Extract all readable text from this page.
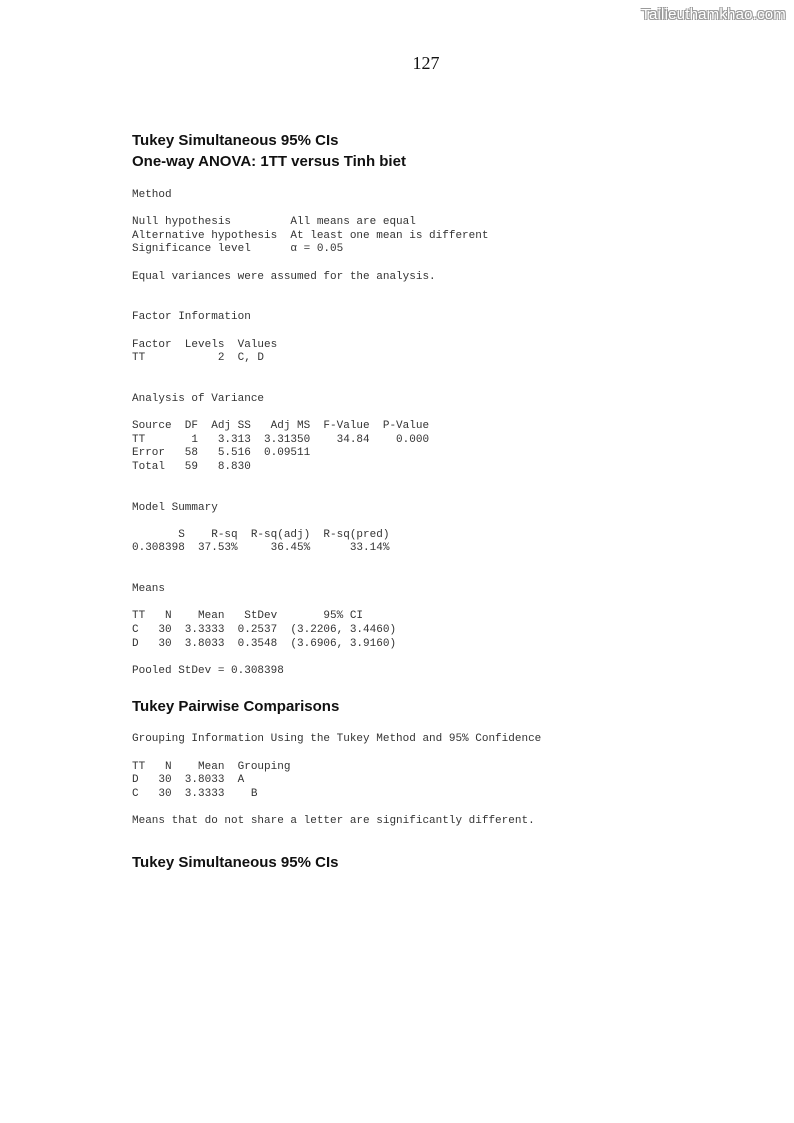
Tailieuthamkhao.com
127
Tukey Simultaneous 95% CIs
One-way ANOVA: 1TT versus Tinh biet
Method
Null hypothesis         All means are equal
Alternative hypothesis  At least one mean is different
Significance level      α = 0.05
Equal variances were assumed for the analysis.
Factor Information
Factor  Levels  Values
TT           2  C, D
Analysis of Variance
Source  DF  Adj SS   Adj MS  F-Value  P-Value
TT       1   3.313  3.31350    34.84    0.000
Error   58   5.516  0.09511
Total   59   8.830
Model Summary
S    R-sq  R-sq(adj)  R-sq(pred)
0.308398  37.53%     36.45%      33.14%
Means
TT   N    Mean   StDev       95% CI
C   30  3.3333  0.2537  (3.2206, 3.4460)
D   30  3.8033  0.3548  (3.6906, 3.9160)
Pooled StDev = 0.308398
Tukey Pairwise Comparisons
Grouping Information Using the Tukey Method and 95% Confidence
TT   N    Mean  Grouping
D   30  3.8033  A
C   30  3.3333    B
Means that do not share a letter are significantly different.
Tukey Simultaneous 95% CIs
